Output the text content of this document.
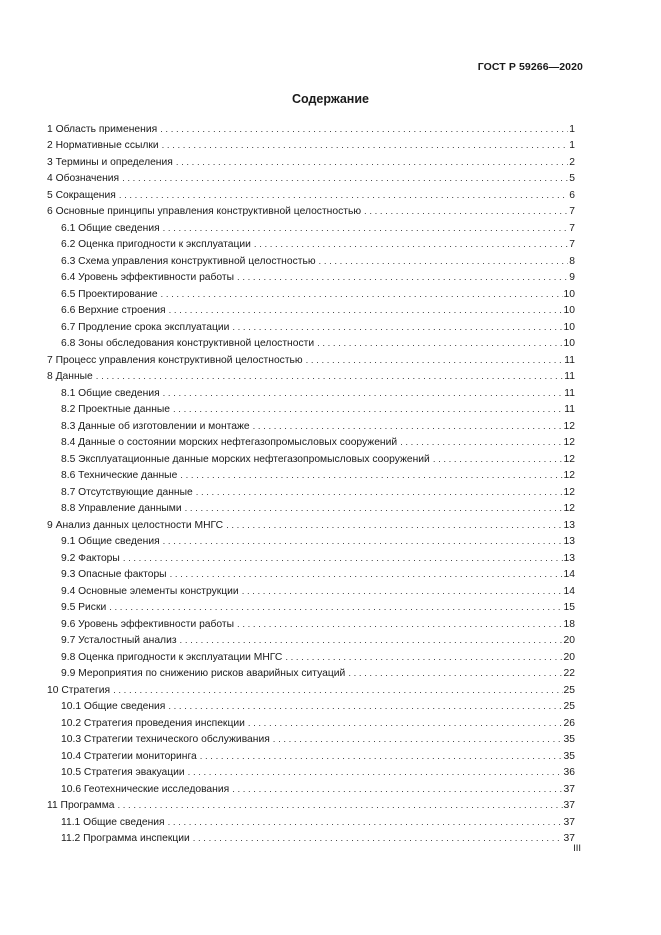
ГОСТ Р 59266—2020
Содержание
1 Область применения . . .	1
2 Нормативные ссылки . . .	1
3 Термины и определения . . .	2
4 Обозначения . . .	5
5 Сокращения . . .	6
6 Основные принципы управления конструктивной целостностью . . .	7
6.1 Общие сведения . . .	7
6.2 Оценка пригодности к эксплуатации . . .	7
6.3 Схема управления конструктивной целостностью . . .	8
6.4 Уровень эффективности работы . . .	9
6.5 Проектирование . . .	10
6.6 Верхние строения . . .	10
6.7 Продление срока эксплуатации . . .	10
6.8 Зоны обследования конструктивной целостности . . .	10
7 Процесс управления конструктивной целостностью . . .	11
8 Данные . . .	11
8.1 Общие сведения . . .	11
8.2 Проектные данные . . .	11
8.3 Данные об изготовлении и монтаже . . .	12
8.4 Данные о состоянии морских нефтегазопромысловых сооружений . . .	12
8.5 Эксплуатационные данные морских нефтегазопромысловых сооружений . . .	12
8.6 Технические данные . . .	12
8.7 Отсутствующие данные . . .	12
8.8 Управление данными . . .	12
9 Анализ данных целостности МНГС . . .	13
9.1 Общие сведения . . .	13
9.2 Факторы . . .	13
9.3 Опасные факторы . . .	14
9.4 Основные элементы конструкции . . .	14
9.5 Риски . . .	15
9.6 Уровень эффективности работы . . .	18
9.7 Усталостный анализ . . .	20
9.8 Оценка пригодности к эксплуатации МНГС . . .	20
9.9 Мероприятия по снижению рисков аварийных ситуаций . . .	22
10 Стратегия . . .	25
10.1 Общие сведения . . .	25
10.2 Стратегия проведения инспекции . . .	26
10.3 Стратегии технического обслуживания . . .	35
10.4 Стратегии мониторинга . . .	35
10.5 Стратегия эвакуации . . .	36
10.6 Геотехнические исследования . . .	37
11 Программа . . .	37
11.1 Общие сведения . . .	37
11.2 Программа инспекции . . .	37
III
